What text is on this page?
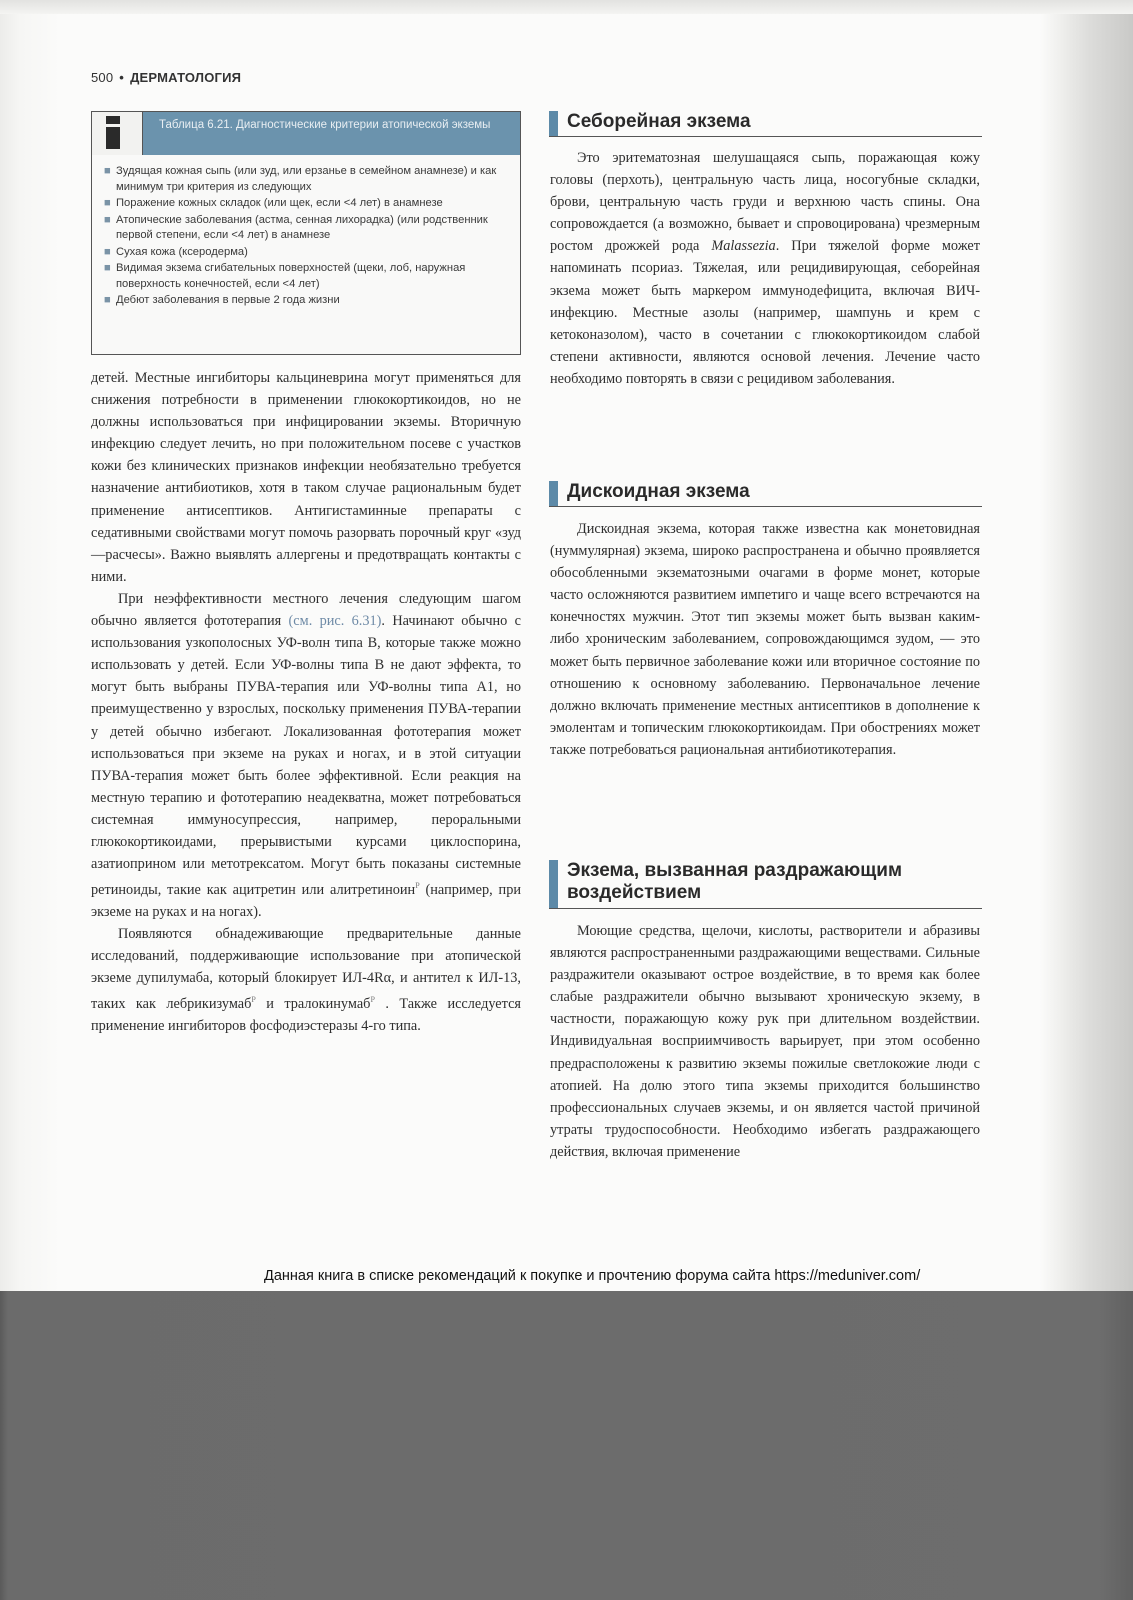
500 • ДЕРМАТОЛОГИЯ
Таблица 6.21. Диагностические критерии атопической экземы
■ Зудящая кожная сыпь (или зуд, или ерзанье в семейном анамнезе) и как минимум три критерия из следующих
■ Поражение кожных складок (или щек, если <4 лет) в анамнезе
■ Атопические заболевания (астма, сенная лихорадка) (или родственник первой степени, если <4 лет) в анамнезе
■ Сухая кожа (ксеродерма)
■ Видимая экзема сгибательных поверхностей (щеки, лоб, наружная поверхность конечностей, если <4 лет)
■ Дебют заболевания в первые 2 года жизни

детей. Местные ингибиторы кальциневрина могут применяться для снижения потребности в применении глюкокортикоидов, но не должны использоваться при инфицировании экземы. Вторичную инфекцию следует лечить, но при положительном посеве с участков кожи без клинических признаков инфекции необязательно требуется назначение антибиотиков, хотя в таком случае рациональным будет применение антисептиков. Антигистаминные препараты с седативными свойствами могут помочь разорвать порочный круг «зуд—расчесы». Важно выявлять аллергены и предотвращать контакты с ними.

При неэффективности местного лечения следующим шагом обычно является фототерапия (см. рис. 6.31). Начинают обычно с использования узкополосных УФ-волн типа В, которые также можно использовать у детей. Если УФ-волны типа В не дают эффекта, то могут быть выбраны ПУВА-терапия или УФ-волны типа А1, но преимущественно у взрослых, поскольку применения ПУВА-терапии у детей обычно избегают. Локализованная фототерапия может использоваться при экземе на руках и ногах, и в этой ситуации ПУВА-терапия может быть более эффективной. Если реакция на местную терапию и фототерапию неадекватна, может потребоваться системная иммуносупрессия, например, пероральными глюкокортикоидами, прерывистыми курсами циклоспорина, азатиоприном или метотрексатом. Могут быть показаны системные ретиноиды, такие как ацитретин или алитретиноин$^Р$ (например, при экземе на руках и на ногах).

Появляются обнадеживающие предварительные данные исследований, поддерживающие использование при атопической экземе дупилумаба, который блокирует ИЛ-4Rα, и антител к ИЛ-13, таких как лебрикизумаб$^Р$ и тралокинумаб$^Р$ . Также исследуется применение ингибиторов фосфодиэстеразы 4-го типа.

Себорейная экзема

Это эритематозная шелушащаяся сыпь, поражающая кожу головы (перхоть), центральную часть лица, носогубные складки, брови, центральную часть груди и верхнюю часть спины. Она сопровождается (а возможно, бывает и спровоцирована) чрезмерным ростом дрожжей рода Malassezia. При тяжелой форме может напоминать псориаз. Тяжелая, или рецидивирующая, себорейная экзема может быть маркером иммунодефицита, включая ВИЧ-инфекцию. Местные азолы (например, шампунь и крем с кетоконазолом), часто в сочетании с глюкокортикоидом слабой степени активности, являются основой лечения. Лечение часто необходимо повторять в связи с рецидивом заболевания.

Дискоидная экзема

Дискоидная экзема, которая также известна как монетовидная (нуммулярная) экзема, широко распространена и обычно проявляется обособленными экзематозными очагами в форме монет, которые часто осложняются развитием импетиго и чаще всего встречаются на конечностях мужчин. Этот тип экземы может быть вызван каким-либо хроническим заболеванием, сопровождающимся зудом, — это может быть первичное заболевание кожи или вторичное состояние по отношению к основному заболеванию. Первоначальное лечение должно включать применение местных антисептиков в дополнение к эмолентам и топическим глюкокортикоидам. При обострениях может также потребоваться рациональная антибиотикотерапия.

Экзема, вызванная раздражающим воздействием

Моющие средства, щелочи, кислоты, растворители и абразивы являются распространенными раздражающими веществами. Сильные раздражители оказывают острое воздействие, в то время как более слабые раздражители обычно вызывают хроническую экзему, в частности, поражающую кожу рук при длительном воздействии. Индивидуальная восприимчивость варьирует, при этом особенно предрасположены к развитию экземы пожилые светлокожие люди с атопией. На долю этого типа экземы приходится большинство профессиональных случаев экземы, и он является частой причиной утраты трудоспособности. Необходимо избегать раздражающего действия, включая применение

Данная книга в списке рекомендаций к покупке и прочтению форума сайта https://meduniver.com/
